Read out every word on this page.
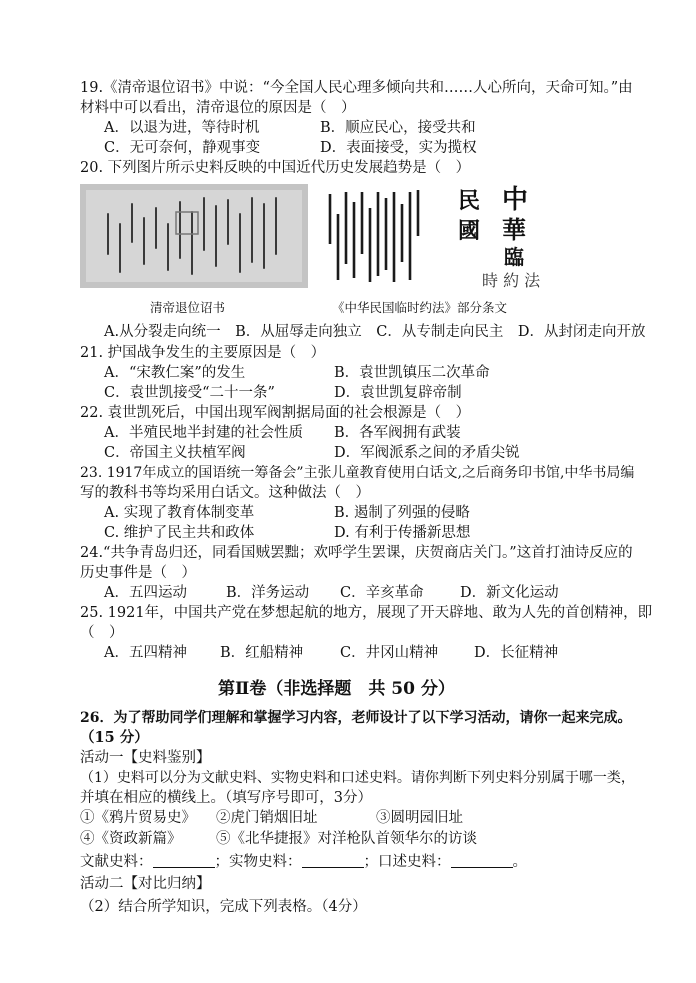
19.《清帝退位诏书》中说：“今全国人民心理多倾向共和……人心所向，天命可知。”由
材料中可以看出，清帝退位的原因是（　）
A．以退为进，等待时机	B．顺应民心，接受共和
C．无可奈何，静观事变	D．表面接受，实为揽权
20. 下列图片所示史料反映的中国近代历史发展趋势是（　）
清帝退位诏书
中
華
民
國
臨
時 約 法
《中华民国临时约法》部分条文
A.从分裂走向统一　B．从屈辱走向独立　C．从专制走向民主　D．从封闭走向开放
21. 护国战争发生的主要原因是（　）
A．“宋教仁案”的发生	B．袁世凯镇压二次革命
C．袁世凯接受“二十一条”	D．袁世凯复辟帝制
22. 袁世凯死后，中国出现军阀割据局面的社会根源是（　）
A．半殖民地半封建的社会性质 B．各军阀拥有武装
C．帝国主义扶植军阀	D．军阀派系之间的矛盾尖锐
23. 1917年成立的国语统一筹备会”主张儿童教育使用白话文,之后商务印书馆,中华书局编
写的教科书等均采用白话文。这种做法（　）
A. 实现了教育体制变革	B. 遏制了列强的侵略
C. 维护了民主共和政体	D. 有利于传播新思想
24.“共争青岛归还，同看国贼罢黜；欢呼学生罢课，庆贺商店关门。”这首打油诗反应的
历史事件是（　）
A．五四运动	B．洋务运动 C．辛亥革命	D．新文化运动
25. 1921年，中国共产党在梦想起航的地方，展现了开天辟地、敢为人先的首创精神，即
（　）
A．五四精神 B．红船精神	C．井冈山精神 D．长征精神
第Ⅱ卷（非选择题　共 50 分）
26．为了帮助同学们理解和掌握学习内容，老师设计了以下学习活动，请你一起来完成。
（15 分）
活动一【史料鉴别】
（1）史料可以分为文献史料、实物史料和口述史料。请你判断下列史料分别属于哪一类，
并填在相应的横线上。（填写序号即可，3分）
①《鸦片贸易史》 ②虎门销烟旧址	③圆明园旧址
④《资政新篇》 ⑤《北华捷报》对洋枪队首领华尔的访谈
文献史料：	；实物史料：	；口述史料：	。
活动二【对比归纳】
（2）结合所学知识，完成下列表格。（4分）
